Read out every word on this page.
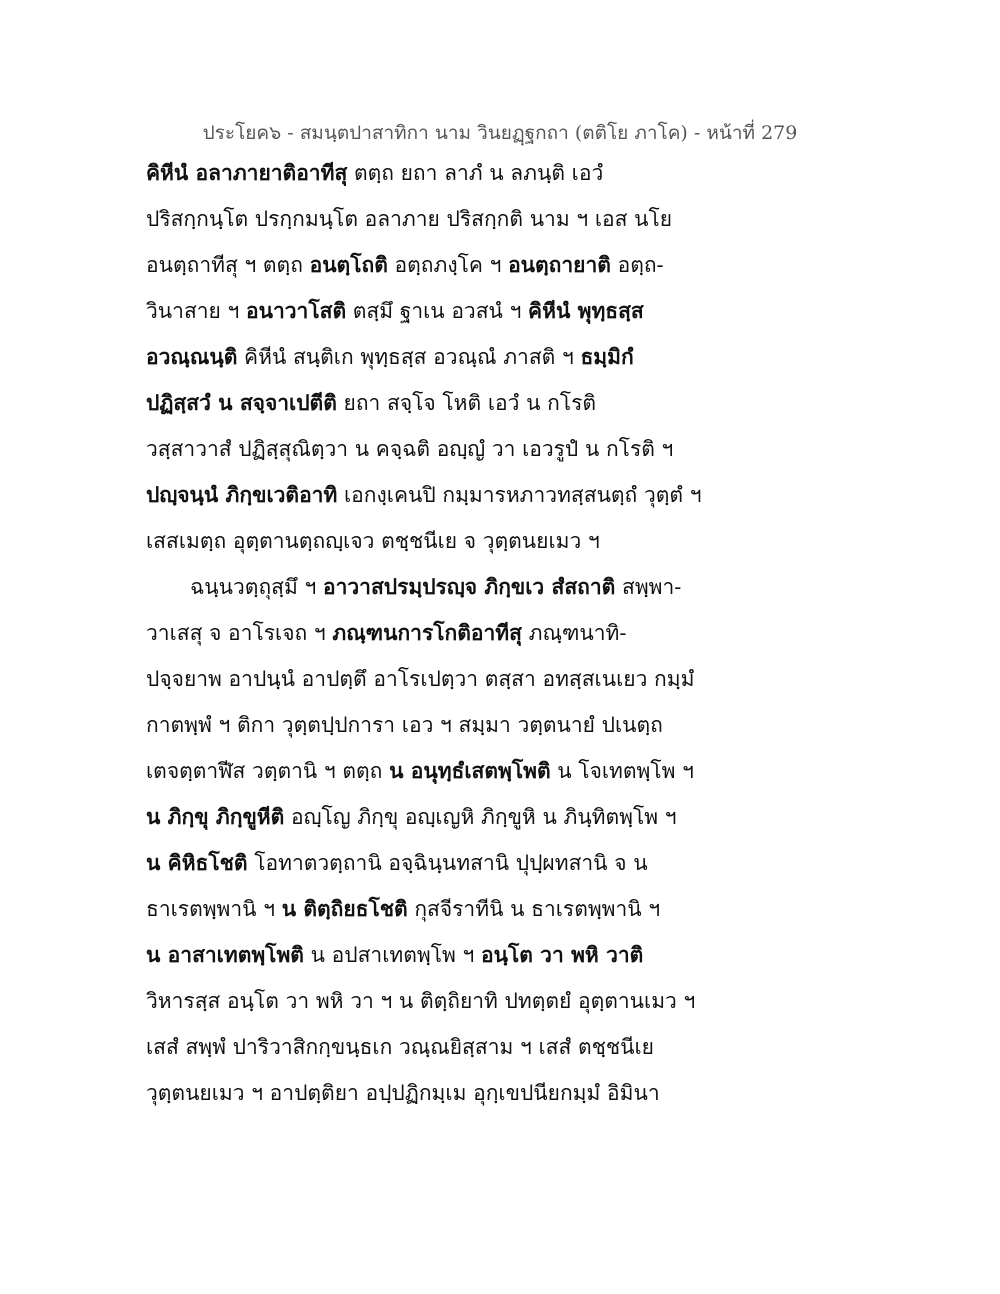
ประโยค๖ - สมนฺตปาสาทิกา นาม วินยฏฺฐกถา (ตติโย ภาโค) - หน้าที่ 279
คิหีนํ อลาภายาติอาทีสุ ตตฺถ ยถา ลาภํ น ลภนฺติ เอวํ
ปริสกฺกนฺโต ปรกฺกมนฺโต อลาภาย ปริสกฺกติ นาม ฯ เอส นโย
อนตฺถาทีสุ ฯ ตตฺถ อนตฺโถติ อตฺถภงฺโค ฯ อนตฺถายาติ อตฺถ-
วินาสาย ฯ อนาวาโสติ ตสฺมึ ฐาเน อวสนํ ฯ คิหีนํ พุทฺธสฺส
อวณฺณนฺติ คิหีนํ สนฺติเก พุทฺธสฺส อวณฺณํ ภาสติ ฯ ธมฺมิกํ
ปฏิสฺสวํ น สจฺจาเปตีติ ยถา สจฺโจ โหติ เอวํ น กโรติ
วสฺสาวาสํ ปฏิสฺสุณิตฺวา น คจฺฉติ อญฺญํ วา เอวรูปํ น กโรติ ฯ
ปญฺจนฺนํ ภิกฺขเวติอาทิ เอกงฺเคนปิ กมฺมารหภาวทสฺสนตฺถํ วุตฺตํ ฯ
เสสเมตฺถ อุตฺตานตฺถญฺเจว ตชฺชนีเย จ วุตฺตนยเมว ฯ
ฉนฺนวตฺถุสฺมึ ฯ อาวาสปรมฺปรญฺจ ภิกฺขเว สํสถาติ สพฺพา-
วาเสสุ จ อาโรเจถ ฯ ภณฺฑนการโกติอาทีสุ ภณฺฑนาทิ-
ปจฺจยาพ อาปนฺนํ อาปตฺตึ อาโรเปตฺวา ตสฺสา อทสฺสเนเยว กมฺมํ
กาตพฺพํ ฯ ติกา วุตฺตปฺปการา เอว ฯ สมฺมา วตฺตนายํ ปเนตฺถ
เตจตฺตาฬีส วตฺตานิ ฯ ตตฺถ น อนุทฺธํเสตพฺโพติ น โจเทตพฺโพ ฯ
น ภิกฺขุ ภิกฺขูหีติ อญฺโญ ภิกฺขุ อญฺเญหิ ภิกฺขูหิ น ภินฺทิตพฺโพ ฯ
น คิหิธโชติ โอทาตวตฺถานิ อจฺฉินฺนทสานิ ปุปฺผทสานิ จ น
ธาเรตพฺพานิ ฯ น ติตฺถิยธโชติ กุสจีราทีนิ น ธาเรตพฺพานิ ฯ
น อาสาเทตพฺโพติ น อปสาเทตพฺโพ ฯ อนฺโต วา พหิ วาติ
วิหารสฺส อนฺโต วา พหิ วา ฯ น ติตฺถิยาทิ ปทตฺตยํ อุตฺตานเมว ฯ
เสสํ สพฺพํ ปาริวาสิกกฺขนฺธเก วณฺณยิสฺสาม ฯ เสสํ ตชฺชนีเย
วุตฺตนยเมว ฯ อาปตฺติยา อปฺปฏิกมฺเม อุกฺเขปนียกมฺมํ อิมินา
